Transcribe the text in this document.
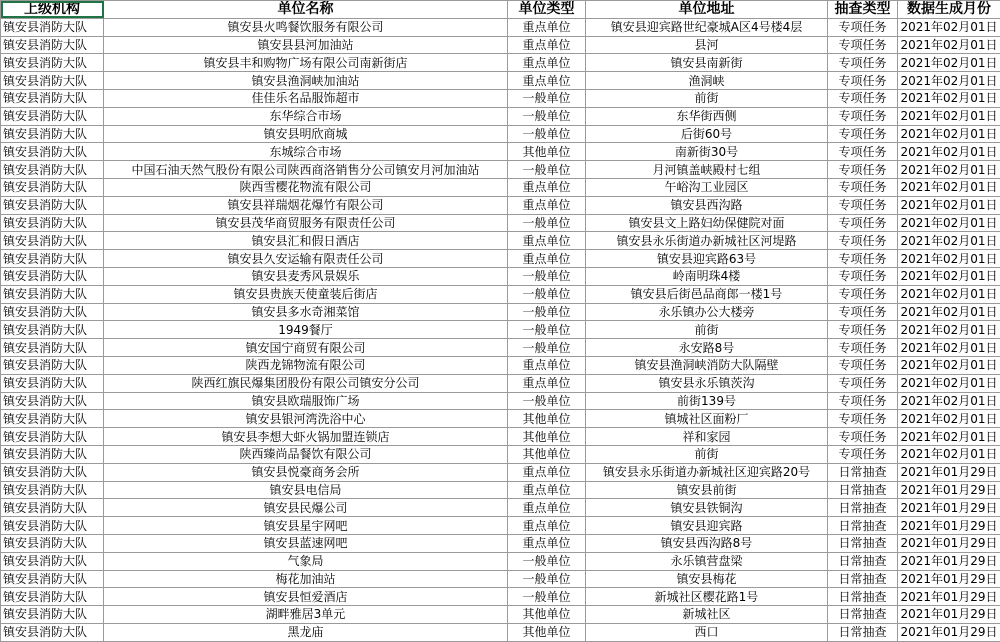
上级机构	单位名称	单位类型	单位地址	抽查类型	数据生成月份
镇安县消防大队	镇安县火鸣餐饮服务有限公司	重点单位	镇安县迎宾路世纪豪城A区4号楼4层	专项任务	2021年02月01日
镇安县消防大队	镇安县县河加油站	重点单位	县河	专项任务	2021年02月01日
镇安县消防大队	镇安县丰和购物广场有限公司南新街店	重点单位	镇安县南新街	专项任务	2021年02月01日
镇安县消防大队	镇安县渔洞峡加油站	重点单位	渔洞峡	专项任务	2021年02月01日
镇安县消防大队	佳佳乐名品服饰超市	一般单位	前街	专项任务	2021年02月01日
镇安县消防大队	东华综合市场	一般单位	东华街西侧	专项任务	2021年02月01日
镇安县消防大队	镇安县明欣商城	一般单位	后街60号	专项任务	2021年02月01日
镇安县消防大队	东城综合市场	其他单位	南新街30号	专项任务	2021年02月01日
镇安县消防大队	中国石油天然气股份有限公司陕西商洛销售分公司镇安月河加油站	一般单位	月河镇盖峡殿村七组	专项任务	2021年02月01日
镇安县消防大队	陕西雪樱花物流有限公司	重点单位	午峪沟工业园区	专项任务	2021年02月01日
镇安县消防大队	镇安县祥瑞烟花爆竹有限公司	重点单位	镇安县西沟路	专项任务	2021年02月01日
镇安县消防大队	镇安县茂华商贸服务有限责任公司	一般单位	镇安县文上路妇幼保健院对面	专项任务	2021年02月01日
镇安县消防大队	镇安县汇和假日酒店	重点单位	镇安县永乐街道办新城社区河堤路	专项任务	2021年02月01日
镇安县消防大队	镇安县久安运输有限责任公司	重点单位	镇安县迎宾路63号	专项任务	2021年02月01日
镇安县消防大队	镇安县麦秀风景娱乐	一般单位	岭南明珠4楼	专项任务	2021年02月01日
镇安县消防大队	镇安县贵族天使童装后街店	一般单位	镇安县后街邑品商郎一楼1号	专项任务	2021年02月01日
镇安县消防大队	镇安县多水奇湘菜馆	一般单位	永乐镇办公大楼旁	专项任务	2021年02月01日
镇安县消防大队	1949餐厅	一般单位	前街	专项任务	2021年02月01日
镇安县消防大队	镇安国宁商贸有限公司	一般单位	永安路8号	专项任务	2021年02月01日
镇安县消防大队	陕西龙锦物流有限公司	重点单位	镇安县渔洞峡消防大队隔壁	专项任务	2021年02月01日
镇安县消防大队	陕西红旗民爆集团股份有限公司镇安分公司	重点单位	镇安县永乐镇茨沟	专项任务	2021年02月01日
镇安县消防大队	镇安县欧瑞服饰广场	一般单位	前街139号	专项任务	2021年02月01日
镇安县消防大队	镇安县银河湾洗浴中心	其他单位	镇城社区面粉厂	专项任务	2021年02月01日
镇安县消防大队	镇安县李想大虾火锅加盟连锁店	其他单位	祥和家园	专项任务	2021年02月01日
镇安县消防大队	陕西臻尚品餐饮有限公司	其他单位	前街	专项任务	2021年02月01日
镇安县消防大队	镇安县悦豪商务会所	重点单位	镇安县永乐街道办新城社区迎宾路20号	日常抽查	2021年01月29日
镇安县消防大队	镇安县电信局	重点单位	镇安县前街	日常抽查	2021年01月29日
镇安县消防大队	镇安县民爆公司	重点单位	镇安县铁铜沟	日常抽查	2021年01月29日
镇安县消防大队	镇安县星宇网吧	重点单位	镇安县迎宾路	日常抽查	2021年01月29日
镇安县消防大队	镇安县蓝速网吧	重点单位	镇安县西沟路8号	日常抽查	2021年01月29日
镇安县消防大队	气象局	一般单位	永乐镇营盘梁	日常抽查	2021年01月29日
镇安县消防大队	梅花加油站	一般单位	镇安县梅花	日常抽查	2021年01月29日
镇安县消防大队	镇安县恒爱酒店	一般单位	新城社区樱花路1号	日常抽查	2021年01月29日
镇安县消防大队	湖畔雅居3单元	其他单位	新城社区	日常抽查	2021年01月29日
镇安县消防大队	黑龙庙	其他单位	西口	日常抽查	2021年01月29日
